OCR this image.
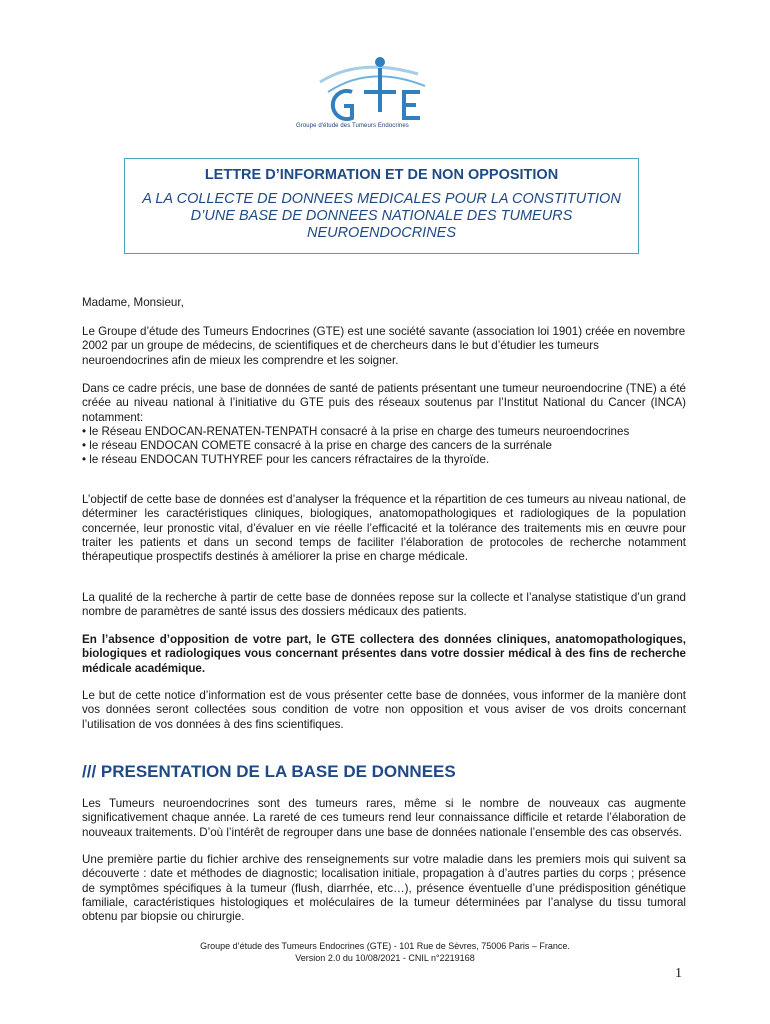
Groupe d'étude des Tumeurs Endocrines
LETTRE D’INFORMATION ET DE NON OPPOSITION
A LA COLLECTE DE DONNEES MEDICALES POUR LA CONSTITUTION D’UNE BASE DE DONNEES NATIONALE DES TUMEURS NEUROENDOCRINES
Madame, Monsieur,
Le Groupe d’étude des Tumeurs Endocrines (GTE) est une société savante (association loi 1901) créée en novembre 2002 par un groupe de médecins, de scientifiques et de chercheurs dans le but d’étudier les tumeurs neuroendocrines afin de mieux les comprendre et les soigner.

Dans ce cadre précis, une base de données de santé de patients présentant une tumeur neuroendocrine (TNE) a été créée au niveau national à l’initiative du GTE puis des réseaux soutenus par l’Institut National du Cancer (INCA) notamment:

• le Réseau ENDOCAN-RENATEN-TENPATH consacré à la prise en charge des tumeurs neuroendocrines
• le réseau ENDOCAN COMETE consacré à la prise en charge des cancers de la surrénale
• le réseau ENDOCAN TUTHYREF pour les cancers réfractaires de la thyroïde.
L’objectif de cette base de données est d’analyser la fréquence et la répartition de ces tumeurs au niveau national, de déterminer les caractéristiques cliniques, biologiques, anatomopathologiques et radiologiques de la population concernée, leur pronostic vital, d’évaluer en vie réelle l’efficacité et la tolérance des traitements mis en œuvre pour traiter les patients et dans un second temps de faciliter l’élaboration de protocoles de recherche notamment thérapeutique prospectifs destinés à améliorer la prise en charge médicale.
La qualité de la recherche à partir de cette base de données repose sur la collecte et l’analyse statistique d’un grand nombre de paramètres de santé issus des dossiers médicaux des patients.
En l’absence d’opposition de votre part, le GTE collectera des données cliniques, anatomopathologiques, biologiques et radiologiques vous concernant présentes dans votre dossier médical à des fins de recherche médicale académique.
Le but de cette notice d’information est de vous présenter cette base de données, vous informer de la manière dont vos données seront collectées sous condition de votre non opposition et vous aviser de vos droits concernant l’utilisation de vos données à des fins scientifiques.
/// PRESENTATION DE LA BASE DE DONNEES
Les Tumeurs neuroendocrines sont des tumeurs rares, même si le nombre de nouveaux cas augmente significativement chaque année. La rareté de ces tumeurs rend leur connaissance difficile et retarde l’élaboration de nouveaux traitements. D’où l’intérêt de regrouper dans une base de données nationale l’ensemble des cas observés.
Une première partie du fichier archive des renseignements sur votre maladie dans les premiers mois qui suivent sa découverte : date et méthodes de diagnostic; localisation initiale, propagation à d’autres parties du corps ; présence de symptômes spécifiques à la tumeur (flush, diarrhée, etc…), présence éventuelle d’une prédisposition génétique familiale, caractéristiques histologiques et moléculaires de la tumeur déterminées par l’analyse du tissu tumoral obtenu par biopsie ou chirurgie.
Groupe d’étude des Tumeurs Endocrines (GTE) - 101 Rue de Sèvres, 75006 Paris – France.
Version 2.0 du 10/08/2021 - CNIL n°2219168
1
